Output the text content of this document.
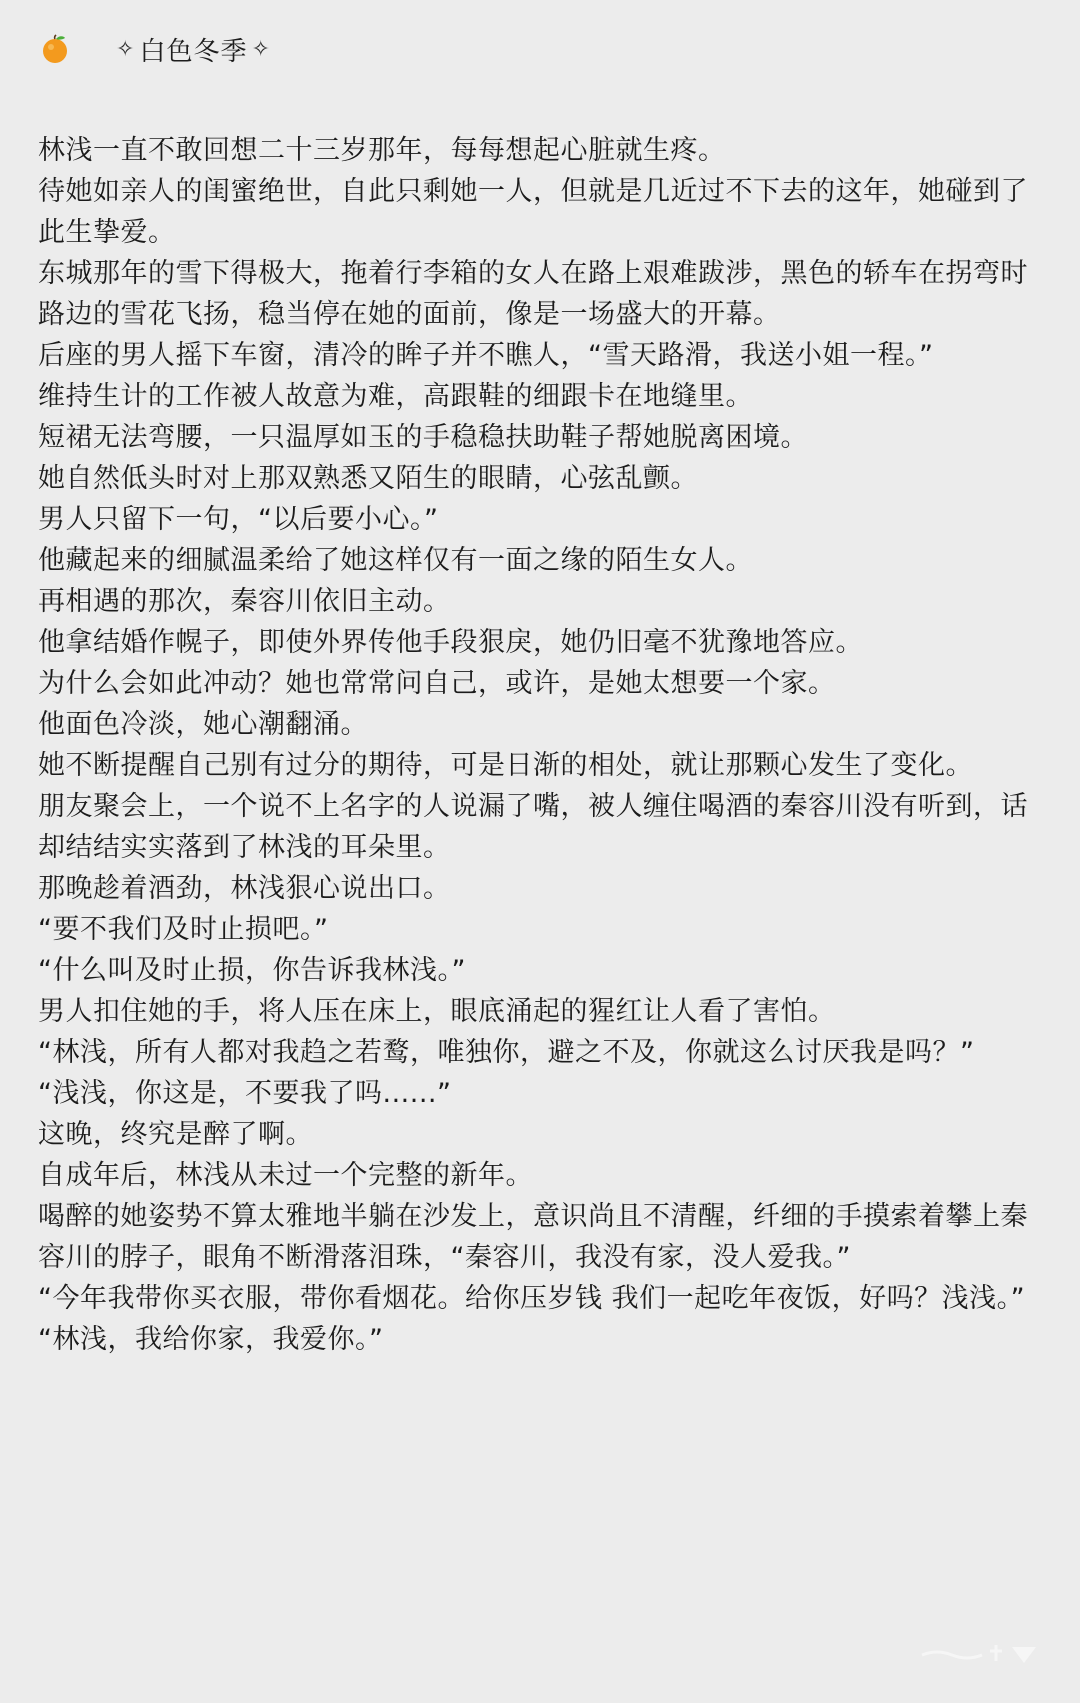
✧ 白色冬季 ✧

林浅一直不敢回想二十三岁那年，每每想起心脏就生疼。

待她如亲人的闺蜜绝世，自此只剩她一人，但就是几近过不下去的这年，她碰到了此生挚爱。

东城那年的雪下得极大，拖着行李箱的女人在路上艰难跋涉，黑色的轿车在拐弯时路边的雪花飞扬，稳当停在她的面前，像是一场盛大的开幕。

后座的男人摇下车窗，清冷的眸子并不瞧人，“雪天路滑，我送小姐一程。”

维持生计的工作被人故意为难，高跟鞋的细跟卡在地缝里。

短裙无法弯腰，一只温厚如玉的手稳稳扶助鞋子帮她脱离困境。

她自然低头时对上那双熟悉又陌生的眼睛，心弦乱颤。

男人只留下一句，“以后要小心。”

他藏起来的细腻温柔给了她这样仅有一面之缘的陌生女人。

再相遇的那次，秦容川依旧主动。

他拿结婚作幌子，即使外界传他手段狠戾，她仍旧毫不犹豫地答应。

为什么会如此冲动？她也常常问自己，或许，是她太想要一个家。

他面色冷淡，她心潮翻涌。

她不断提醒自己别有过分的期待，可是日渐的相处，就让那颗心发生了变化。

朋友聚会上，一个说不上名字的人说漏了嘴，被人缠住喝酒的秦容川没有听到，话却结结实实落到了林浅的耳朵里。

那晚趁着酒劲，林浅狠心说出口。

“要不我们及时止损吧。”

“什么叫及时止损，你告诉我林浅。”

男人扣住她的手，将人压在床上，眼底涌起的猩红让人看了害怕。

“林浅，所有人都对我趋之若鹜，唯独你，避之不及，你就这么讨厌我是吗？”

“浅浅，你这是，不要我了吗......”

这晚，终究是醉了啊。

自成年后，林浅从未过一个完整的新年。

喝醉的她姿势不算太雅地半躺在沙发上，意识尚且不清醒，纤细的手摸索着攀上秦容川的脖子，眼角不断滑落泪珠，“秦容川，我没有家，没人爱我。”

“今年我带你买衣服，带你看烟花。给你压岁钱 我们一起吃年夜饭，好吗？浅浅。”

“林浅，我给你家，我爱你。”
